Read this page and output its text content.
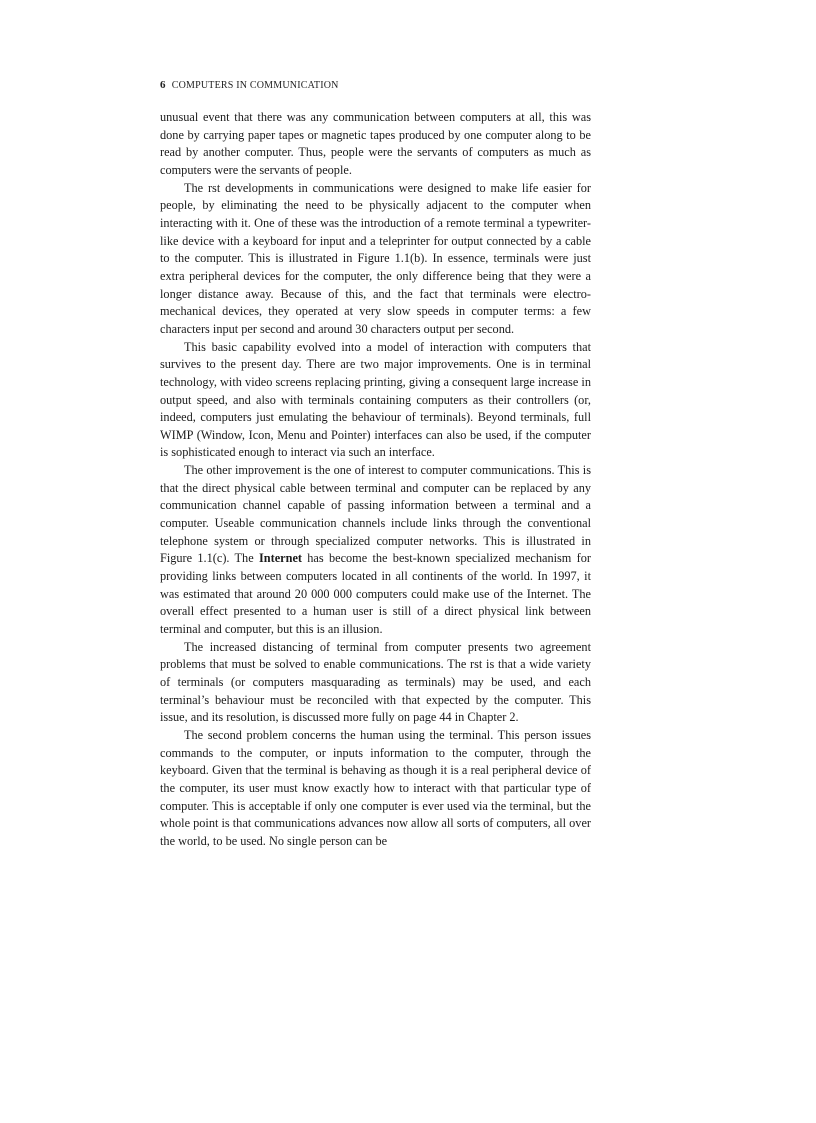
6 COMPUTERS IN COMMUNICATION

unusual event that there was any communication between computers at all, this was done by carrying paper tapes or magnetic tapes produced by one computer along to be read by another computer. Thus, people were the servants of computers as much as computers were the servants of people.

The rst developments in communications were designed to make life easier for people, by eliminating the need to be physically adjacent to the computer when interacting with it. One of these was the introduction of a remote terminal a typewriter-like device with a keyboard for input and a teleprinter for output connected by a cable to the computer. This is illustrated in Figure 1.1(b). In essence, terminals were just extra peripheral devices for the computer, the only difference being that they were a longer distance away. Because of this, and the fact that terminals were electro-mechanical devices, they operated at very slow speeds in computer terms: a few characters input per second and around 30 characters output per second.

This basic capability evolved into a model of interaction with computers that survives to the present day. There are two major improvements. One is in terminal technology, with video screens replacing printing, giving a consequent large increase in output speed, and also with terminals containing computers as their controllers (or, indeed, computers just emulating the behaviour of terminals). Beyond terminals, full WIMP (Window, Icon, Menu and Pointer) interfaces can also be used, if the computer is sophisticated enough to interact via such an interface.

The other improvement is the one of interest to computer communications. This is that the direct physical cable between terminal and computer can be replaced by any communication channel capable of passing information between a terminal and a computer. Useable communication channels include links through the conventional telephone system or through specialized computer networks. This is illustrated in Figure 1.1(c). The Internet has become the best-known specialized mechanism for providing links between computers located in all continents of the world. In 1997, it was estimated that around 20 000 000 computers could make use of the Internet. The overall effect presented to a human user is still of a direct physical link between terminal and computer, but this is an illusion.

The increased distancing of terminal from computer presents two agreement problems that must be solved to enable communications. The rst is that a wide variety of terminals (or computers masquarading as terminals) may be used, and each terminal’s behaviour must be reconciled with that expected by the computer. This issue, and its resolution, is discussed more fully on page 44 in Chapter 2.

The second problem concerns the human using the terminal. This person issues commands to the computer, or inputs information to the computer, through the keyboard. Given that the terminal is behaving as though it is a real peripheral device of the computer, its user must know exactly how to interact with that particular type of computer. This is acceptable if only one computer is ever used via the terminal, but the whole point is that communications advances now allow all sorts of computers, all over the world, to be used. No single person can be
